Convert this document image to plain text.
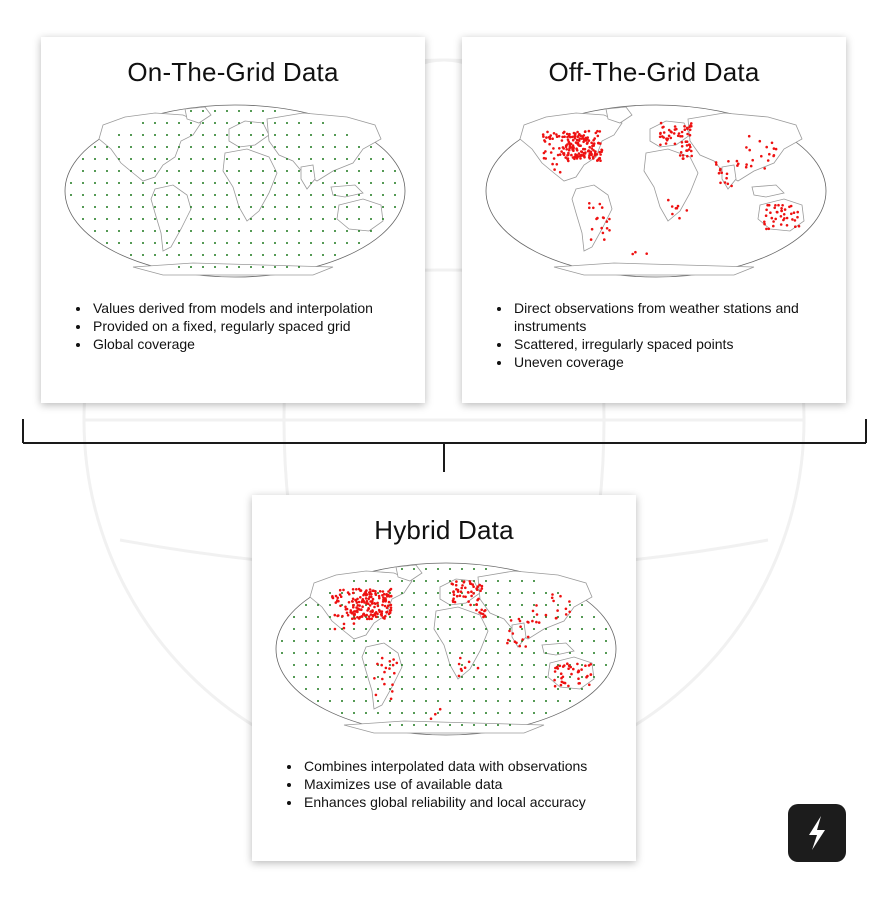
On-The-Grid Data
• Values derived from models and interpolation
• Provided on a fixed, regularly spaced grid
• Global coverage
Off-The-Grid Data
• Direct observations from weather stations and instruments
• Scattered, irregularly spaced points
• Uneven coverage
Hybrid Data
• Combines interpolated data with observations
• Maximizes use of available data
• Enhances global reliability and local accuracy
